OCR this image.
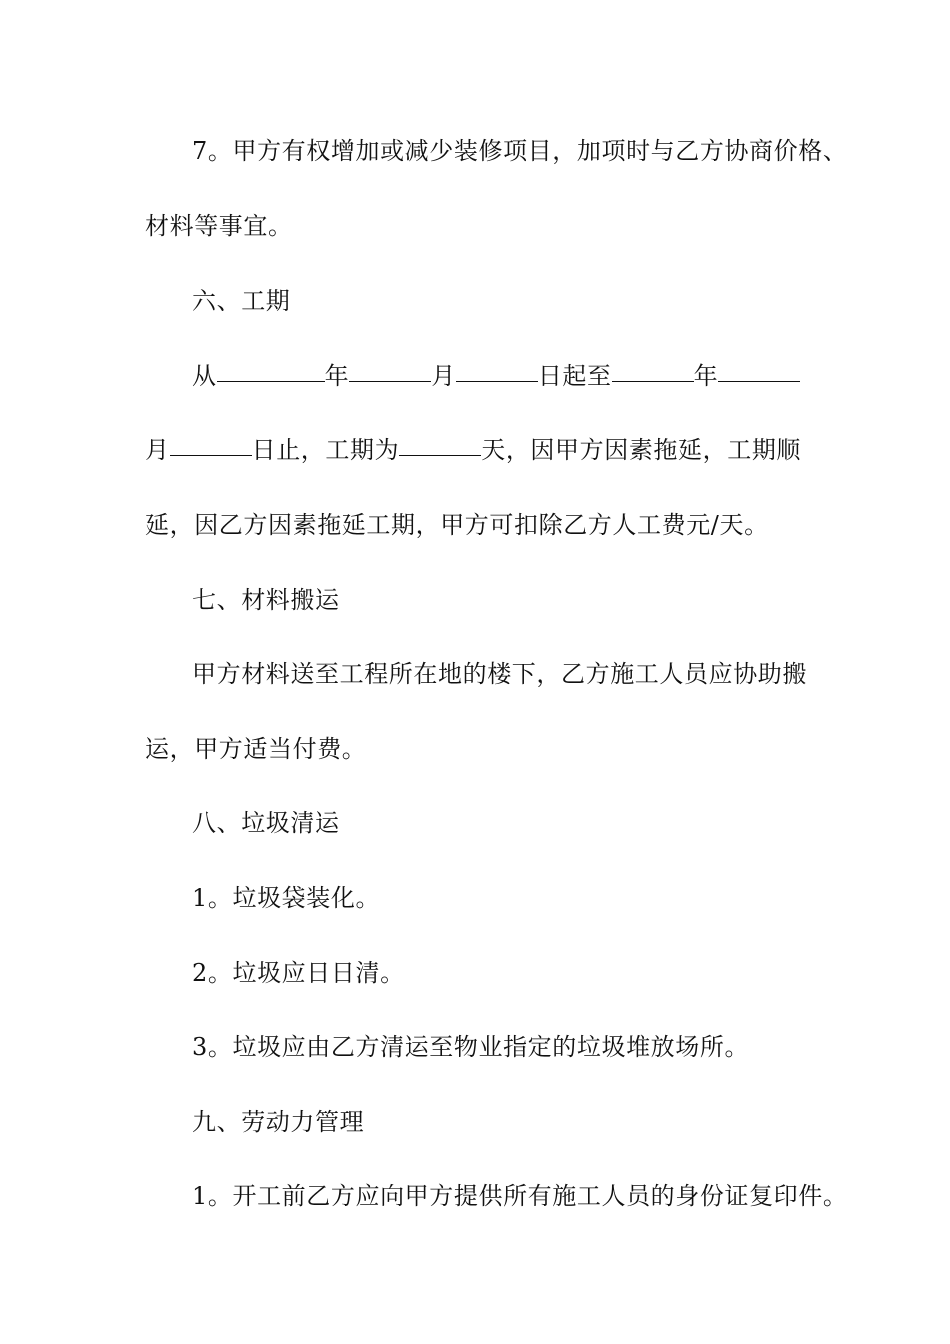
7。甲方有权增加或减少装修项目，加项时与乙方协商价格、
材料等事宜。
六、工期
从	年	月	日起至	年
月	日止，工期为	天，因甲方因素拖延，工期顺
延，因乙方因素拖延工期，甲方可扣除乙方人工费元/天。
七、材料搬运
甲方材料送至工程所在地的楼下，乙方施工人员应协助搬
运，甲方适当付费。
八、垃圾清运
1。垃圾袋装化。
2。垃圾应日日清。
3。垃圾应由乙方清运至物业指定的垃圾堆放场所。
九、劳动力管理
1。开工前乙方应向甲方提供所有施工人员的身份证复印件。
